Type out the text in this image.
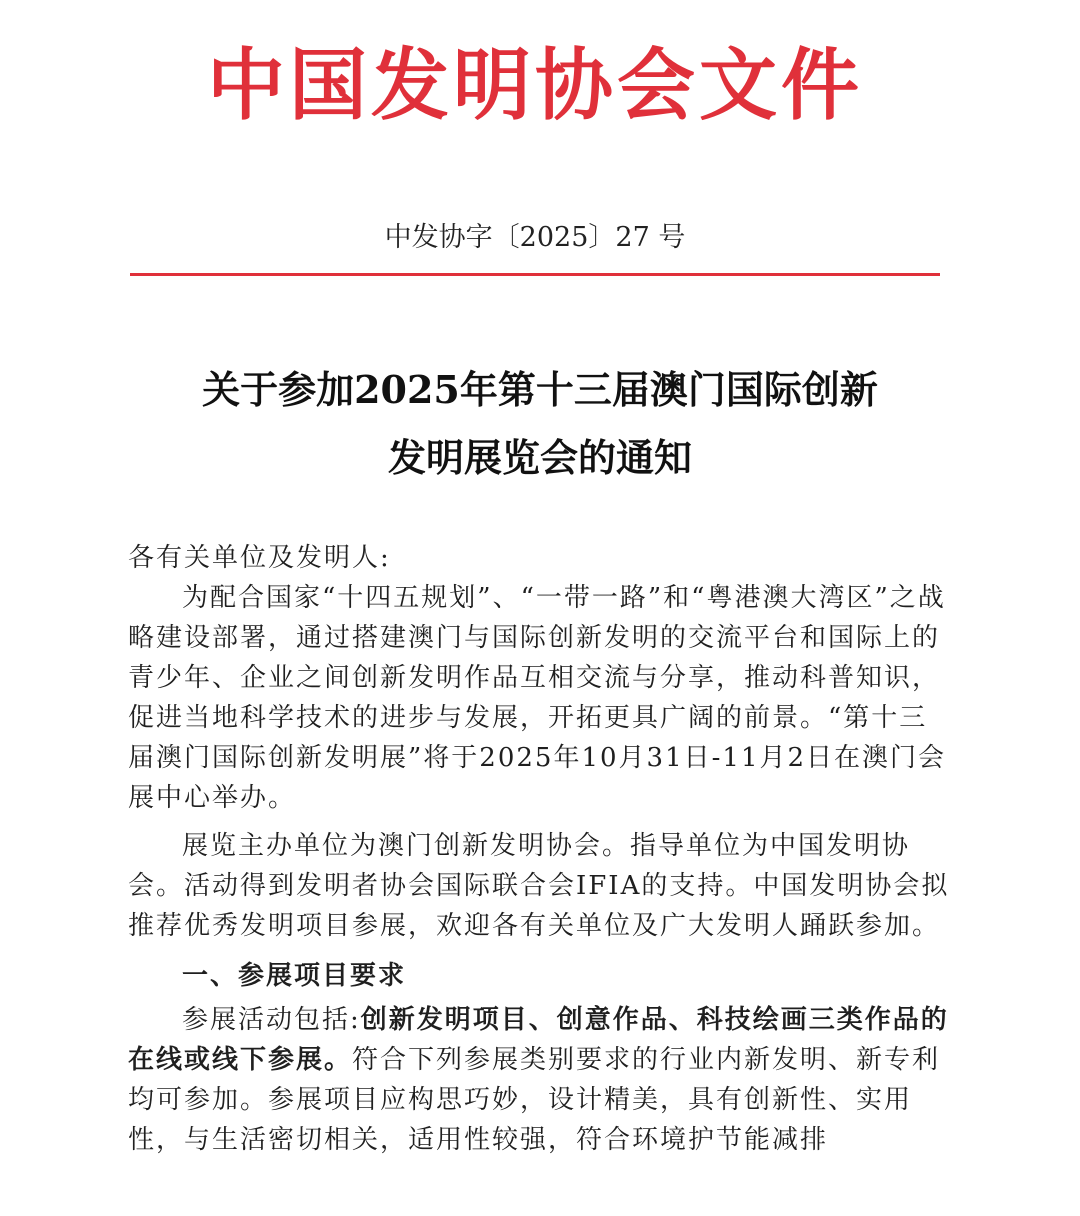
中国发明协会文件
中发协字〔2025〕27 号
关于参加2025年第十三届澳门国际创新
发明展览会的通知

各有关单位及发明人:

为配合国家“十四五规划”、“一带一路”和“粤港澳大湾区”之战略建设部署，通过搭建澳门与国际创新发明的交流平台和国际上的青少年、企业之间创新发明作品互相交流与分享，推动科普知识，促进当地科学技术的进步与发展，开拓更具广阔的前景。“第十三届澳门国际创新发明展”将于2025年10月31日-11月2日在澳门会展中心举办。

展览主办单位为澳门创新发明协会。指导单位为中国发明协会。活动得到发明者协会国际联合会IFIA的支持。中国发明协会拟推荐优秀发明项目参展，欢迎各有关单位及广大发明人踊跃参加。

一、参展项目要求

参展活动包括:创新发明项目、创意作品、科技绘画三类作品的在线或线下参展。符合下列参展类别要求的行业内新发明、新专利均可参加。参展项目应构思巧妙，设计精美，具有创新性、实用性，与生活密切相关，适用性较强，符合环境护节能减排
